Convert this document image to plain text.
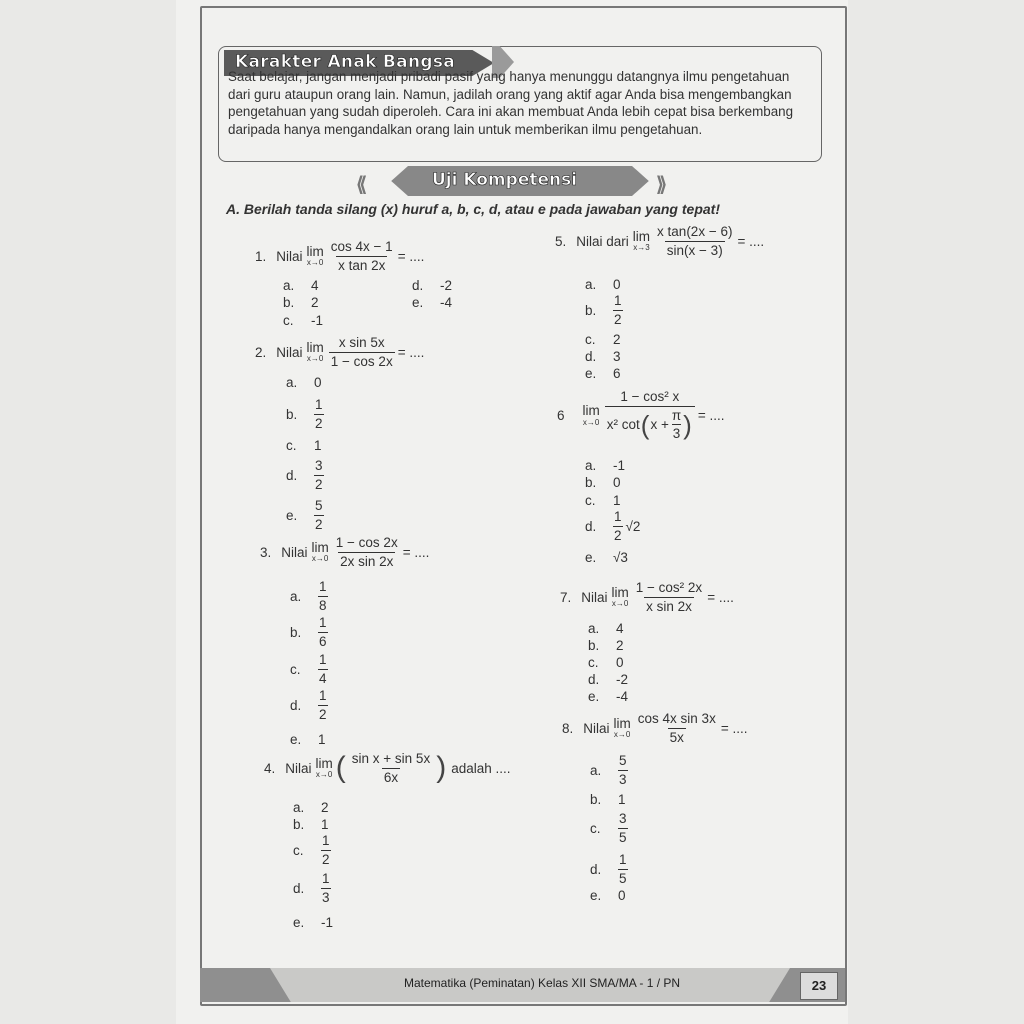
Karakter Anak Bangsa
Saat belajar, jangan menjadi pribadi pasif yang hanya menunggu datangnya ilmu pengetahuan
dari guru ataupun orang lain. Namun, jadilah orang yang aktif agar Anda bisa mengembangkan
pengetahuan yang sudah diperoleh. Cara ini akan membuat Anda lebih cepat bisa berkembang
daripada hanya mengandalkan orang lain untuk memberikan ilmu pengetahuan.
⟪	⟫
Uji Kompetensi
A. Berilah tanda silang (x) huruf a, b, c, d, atau e pada jawaban yang tepat!
1. Nilai lim
$x\to 0 \frac{\cos 4x - 1}{\text{x tan 2x}}$ = ....
a.	4
b.	2
c.	-1
d.	-2
e.	-4
2. Nilai lim
$x\to 0 \frac{\text{x sin 5x}}{1 - \cos 2x}$ = ....
a.	0
b.	$\frac{1}{2}$
c.	1
d.	$\frac{3}{2}$
e.	$\frac{5}{2}$
3. Nilai lim
$x\to 0 \frac{1 - \cos 2x}{\text{2x sin 2x}}$ = ....
a.	$\frac{1}{8}$
b.	$\frac{1}{6}$
c.	$\frac{1}{4}$
d.	$\frac{1}{2}$
e.	1
4. Nilai lim
x→0 ( $\frac{\text{sin x + sin 5x}}{6x}$ ) adalah ....
a.	2
b.	1
c.	$\frac{1}{2}$
d.	$\frac{1}{3}$
e.	-1
5. Nilai dari lim
$x\to 3 \frac{\text{x tan(2x − 6)}}{\sin(x - 3)}$ = ....
a.	0
b.	$\frac{1}{2}$
c.	2
d.	3
e.	6
6 lim
$x\to 0 \frac{\text{1 − cos² x}}{x^2 \cot ( x + \frac{\pi}{3} )}$ = ....
a.	-1
b.	0
c.	1
d.	$\frac{1}{2} √2$
e.	√3
7. Nilai lim
$x\to 0 \frac{\text{1 − cos² 2x}}{\text{x sin 2x}}$ = ....
a.	4
b.	2
c.	0
d.	-2
e.	-4
8. Nilai lim
$x\to 0 \frac{\text{cos 4x sin 3x}}{5x}$ = ....
a.	$\frac{5}{3}$
b.	1
c.	$\frac{3}{5}$
d.	$\frac{1}{5}$
e.	0
Matematika (Peminatan) Kelas XII SMA/MA - 1 / PN	23
